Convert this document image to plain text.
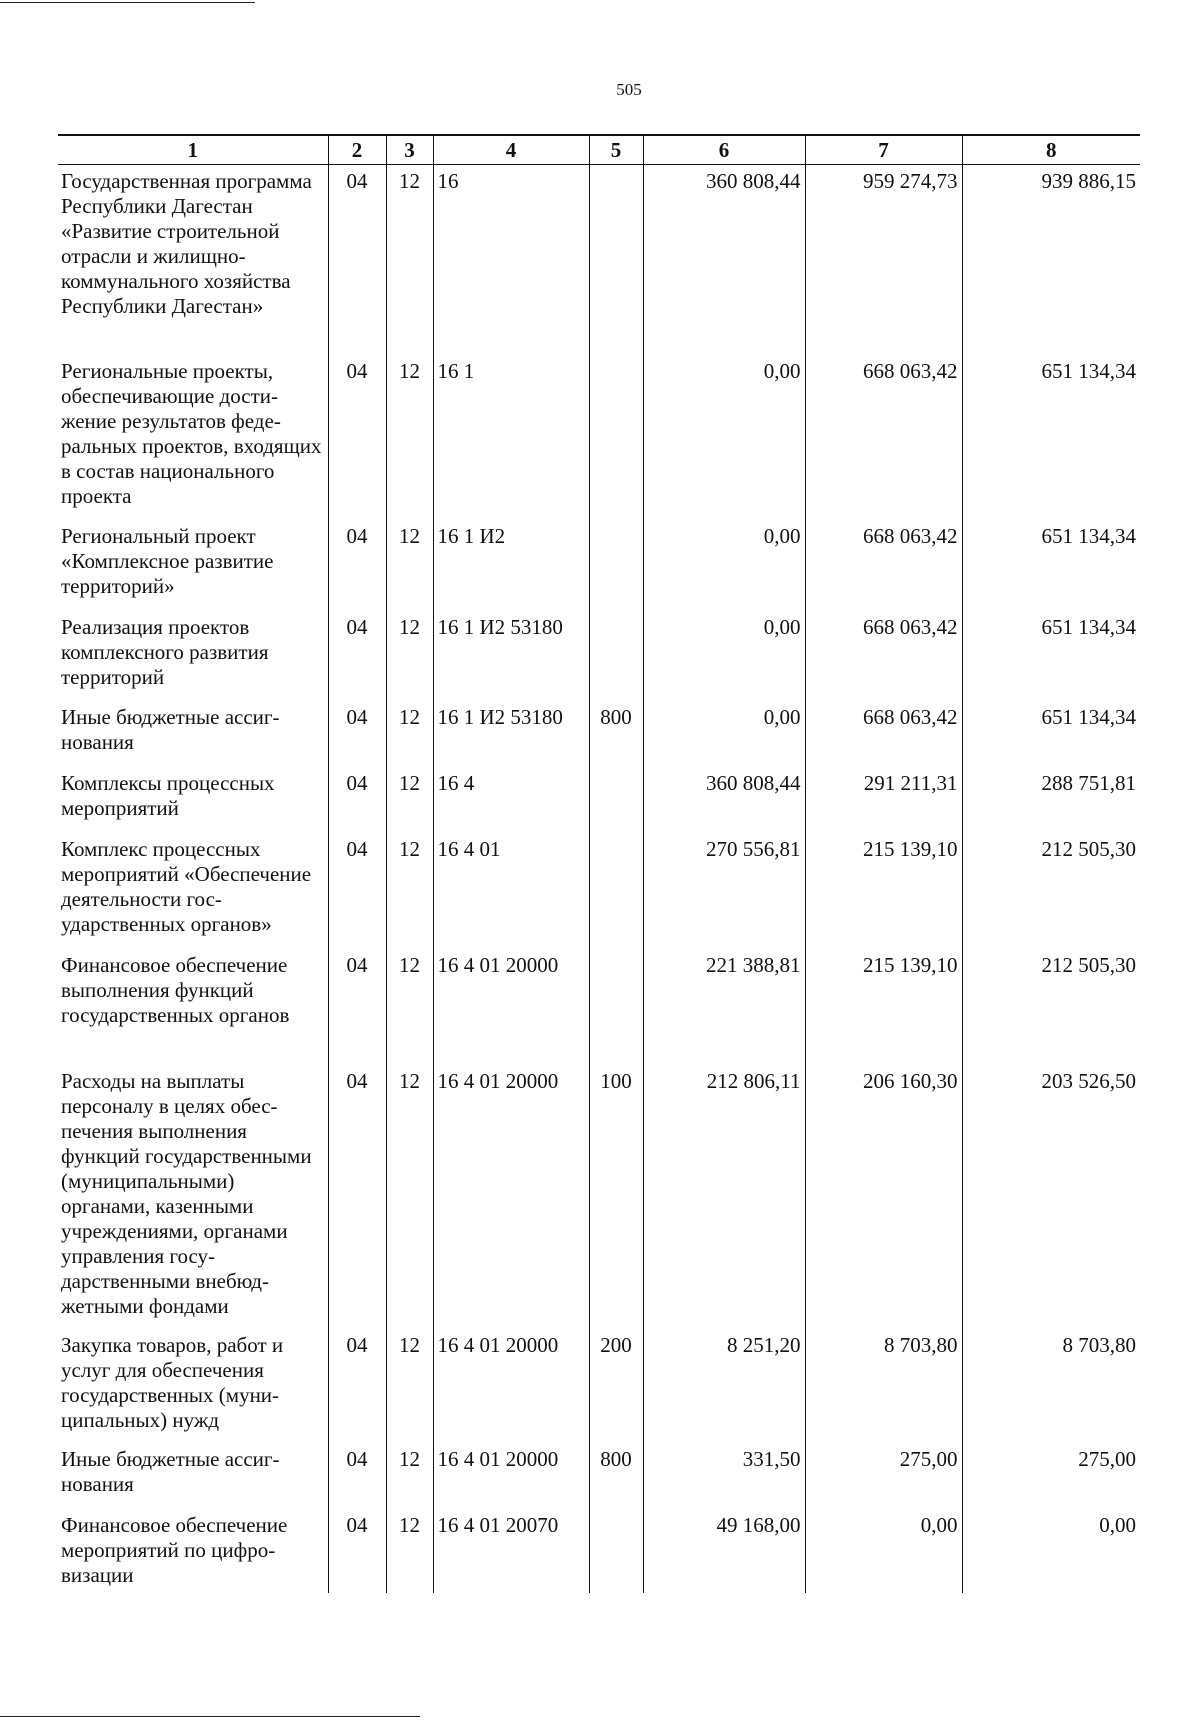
505
1	2	3	4	5	6	7	8
Государственная программа Республики Дагестан «Развитие строительной отрасли и жилищно-коммунального хозяйства Республики Дагестан»	04	12	16		360 808,44	959 274,73	939 886,15
Региональные проекты, обеспечивающие достижение результатов федеральных проектов, входящих в состав национального проекта	04	12	16 1		0,00	668 063,42	651 134,34
Региональный проект «Комплексное развитие территорий»	04	12	16 1 И2		0,00	668 063,42	651 134,34
Реализация проектов комплексного развития территорий	04	12	16 1 И2 53180		0,00	668 063,42	651 134,34
Иные бюджетные ассигнования	04	12	16 1 И2 53180	800	0,00	668 063,42	651 134,34
Комплексы процессных мероприятий	04	12	16 4		360 808,44	291 211,31	288 751,81
Комплекс процессных мероприятий «Обеспечение деятельности государственных органов»	04	12	16 4 01		270 556,81	215 139,10	212 505,30
Финансовое обеспечение выполнения функций государственных органов	04	12	16 4 01 20000		221 388,81	215 139,10	212 505,30
Расходы на выплаты персоналу в целях обеспечения выполнения функций государственными (муниципальными) органами, казенными учреждениями, органами управления государственными внебюджетными фондами	04	12	16 4 01 20000	100	212 806,11	206 160,30	203 526,50
Закупка товаров, работ и услуг для обеспечения государственных (муниципальных) нужд	04	12	16 4 01 20000	200	8 251,20	8 703,80	8 703,80
Иные бюджетные ассигнования	04	12	16 4 01 20000	800	331,50	275,00	275,00
Финансовое обеспечение мероприятий по цифровизации	04	12	16 4 01 20070		49 168,00	0,00	0,00
